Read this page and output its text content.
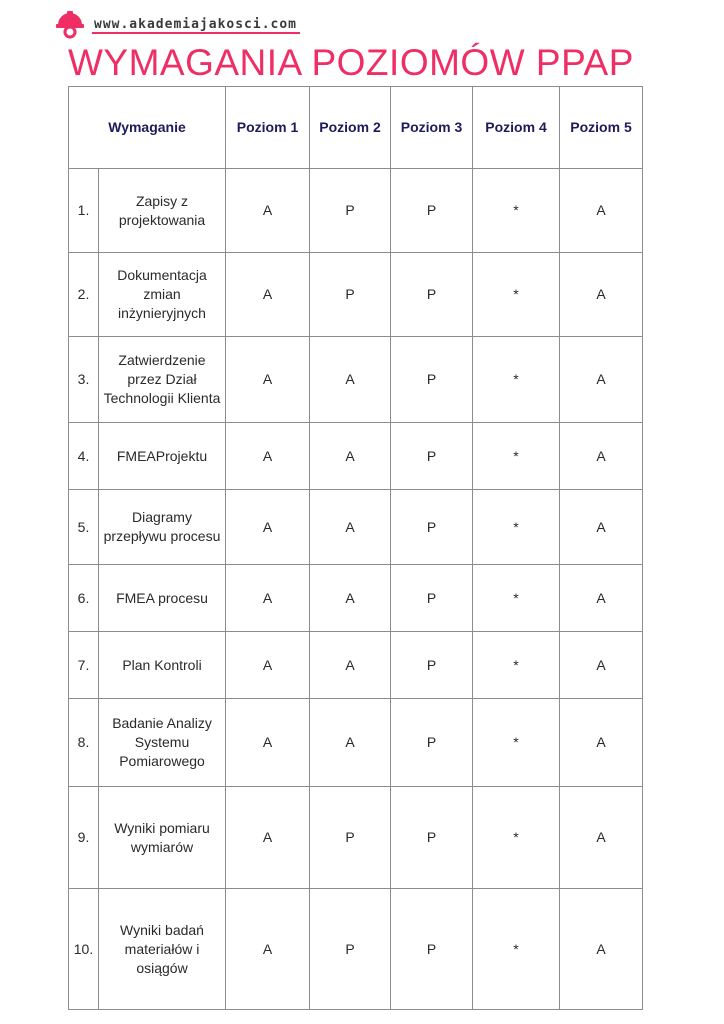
www.akademiajakosci.com
WYMAGANIA POZIOMÓW PPAP
Wymaganie		Poziom 1	Poziom 2	Poziom 3	Poziom 4	Poziom 5
1.	Zapisy z projektowania	A	P	P	*	A
2.	Dokumentacja zmian inżynieryjnych	A	P	P	*	A
3.	Zatwierdzenie przez Dział Technologii Klienta	A	A	P	*	A
4.	FMEAProjektu	A	A	P	*	A
5.	Diagramy przepływu procesu	A	A	P	*	A
6.	FMEA procesu	A	A	P	*	A
7.	Plan Kontroli	A	A	P	*	A
8.	Badanie Analizy Systemu Pomiarowego	A	A	P	*	A
9.	Wyniki pomiaru wymiarów	A	P	P	*	A
10.	Wyniki badań materiałów i osiągów	A	P	P	*	A
